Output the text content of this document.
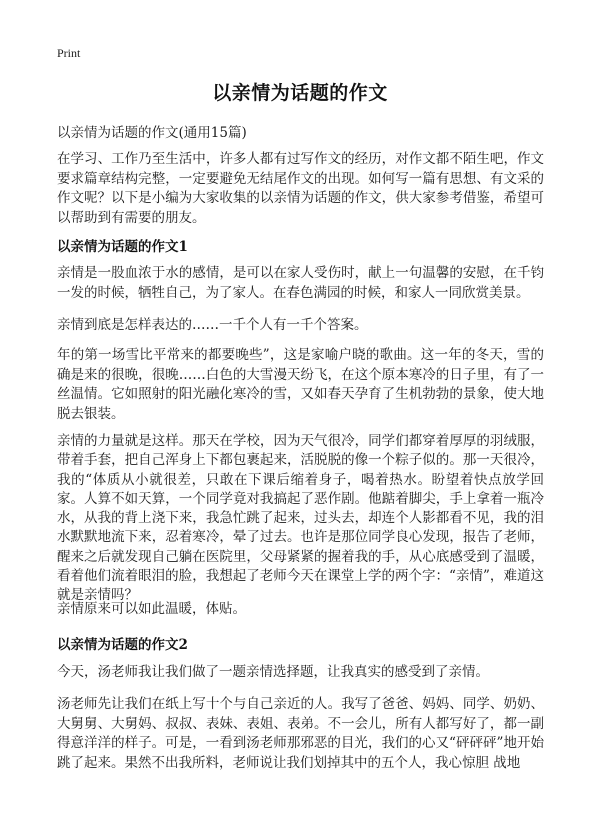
Print
以亲情为话题的作文
以亲情为话题的作文(通用15篇)
在学习、工作乃至生活中，许多人都有过写作文的经历，对作文都不陌生吧，作文要求篇章结构完整，一定要避免无结尾作文的出现。如何写一篇有思想、有文采的作文呢？以下是小编为大家收集的以亲情为话题的作文，供大家参考借鉴，希望可以帮助到有需要的朋友。
以亲情为话题的作文1
亲情是一股血浓于水的感情，是可以在家人受伤时，献上一句温馨的安慰，在千钧一发的时候，牺牲自己，为了家人。在春色满园的时候，和家人一同欣赏美景。
亲情到底是怎样表达的……一千个人有一千个答案。
年的第一场雪比平常来的都要晚些”，这是家喻户晓的歌曲。这一年的冬天，雪的确是来的很晚，很晚……白色的大雪漫天纷飞，在这个原本寒冷的日子里，有了一丝温情。它如照射的阳光融化寒冷的雪，又如春天孕育了生机勃勃的景象，使大地脱去银装。
亲情的力量就是这样。那天在学校，因为天气很冷，同学们都穿着厚厚的羽绒服，带着手套，把自己浑身上下都包裹起来，活脱脱的像一个粽子似的。那一天很冷，我的“体质从小就很差，只敢在下课后缩着身子，喝着热水。盼望着快点放学回家。人算不如天算，一个同学竟对我搞起了恶作剧。他踮着脚尖，手上拿着一瓶冷水，从我的背上浇下来，我急忙跳了起来，过头去，却连个人影都看不见，我的泪水默默地流下来，忍着寒冷，晕了过去。也许是那位同学良心发现，报告了老师，醒来之后就发现自己躺在医院里，父母紧紧的握着我的手，从心底感受到了温暖，看着他们流着眼泪的脸，我想起了老师今天在课堂上学的两个字：“亲情”，难道这就是亲情吗？
亲情原来可以如此温暖，体贴。
以亲情为话题的作文2
今天，汤老师我让我们做了一题亲情选择题，让我真实的感受到了亲情。
汤老师先让我们在纸上写十个与自己亲近的人。我写了爸爸、妈妈、同学、奶奶、大舅舅、大舅妈、叔叔、表妹、表姐、表弟。不一会儿，所有人都写好了，都一副得意洋洋的样子。可是，一看到汤老师那邪恶的目光，我们的心又“砰砰砰”地开始跳了起来。果然不出我所料，老师说让我们划掉其中的五个人，我心惊胆 战地
